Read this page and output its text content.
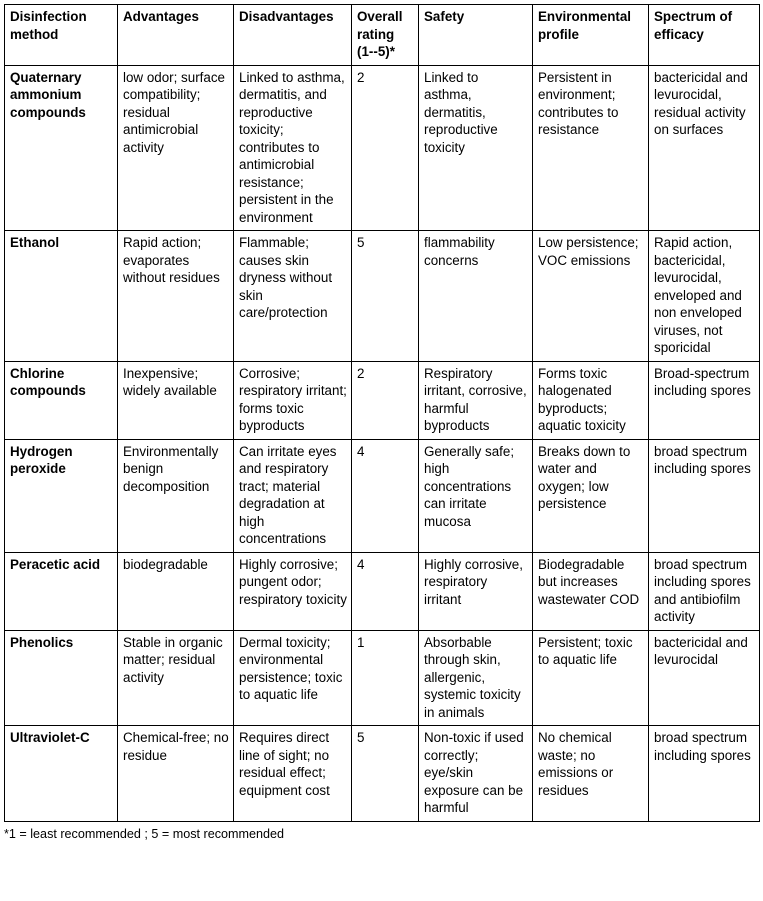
Disinfection method	Advantages	Disadvantages	Overall rating (1--5)*	Safety	Environmental profile	Spectrum of efficacy
Quaternary ammonium compounds	low odor; surface compatibility; residual antimicrobial activity	Linked to asthma, dermatitis, and reproductive toxicity; contributes to antimicrobial resistance; persistent in the environment	2	Linked to asthma, dermatitis, reproductive toxicity	Persistent in environment; contributes to resistance	bactericidal and levurocidal, residual activity on surfaces
Ethanol	Rapid action; evaporates without residues	Flammable; causes skin dryness without skin care/protection	5	flammability concerns	Low persistence; VOC emissions	Rapid action, bactericidal, levurocidal, enveloped and non enveloped viruses, not sporicidal
Chlorine compounds	Inexpensive; widely available	Corrosive; respiratory irritant; forms toxic byproducts	2	Respiratory irritant, corrosive, harmful byproducts	Forms toxic halogenated byproducts; aquatic toxicity	Broad-spectrum including spores
Hydrogen peroxide	Environmentally benign decomposition	Can irritate eyes and respiratory tract; material degradation at high concentrations	4	Generally safe; high concentrations can irritate mucosa	Breaks down to water and oxygen; low persistence	broad spectrum including spores
Peracetic acid	biodegradable	Highly corrosive; pungent odor; respiratory toxicity	4	Highly corrosive, respiratory irritant	Biodegradable but increases wastewater COD	broad spectrum including spores and antibiofilm activity
Phenolics	Stable in organic matter; residual activity	Dermal toxicity; environmental persistence; toxic to aquatic life	1	Absorbable through skin, allergenic, systemic toxicity in animals	Persistent; toxic to aquatic life	bactericidal and levurocidal
Ultraviolet-C	Chemical-free; no residue	Requires direct line of sight; no residual effect; equipment cost	5	Non-toxic if used correctly; eye/skin exposure can be harmful	No chemical waste; no emissions or residues	broad spectrum including spores
*1 = least recommended ; 5 = most recommended
